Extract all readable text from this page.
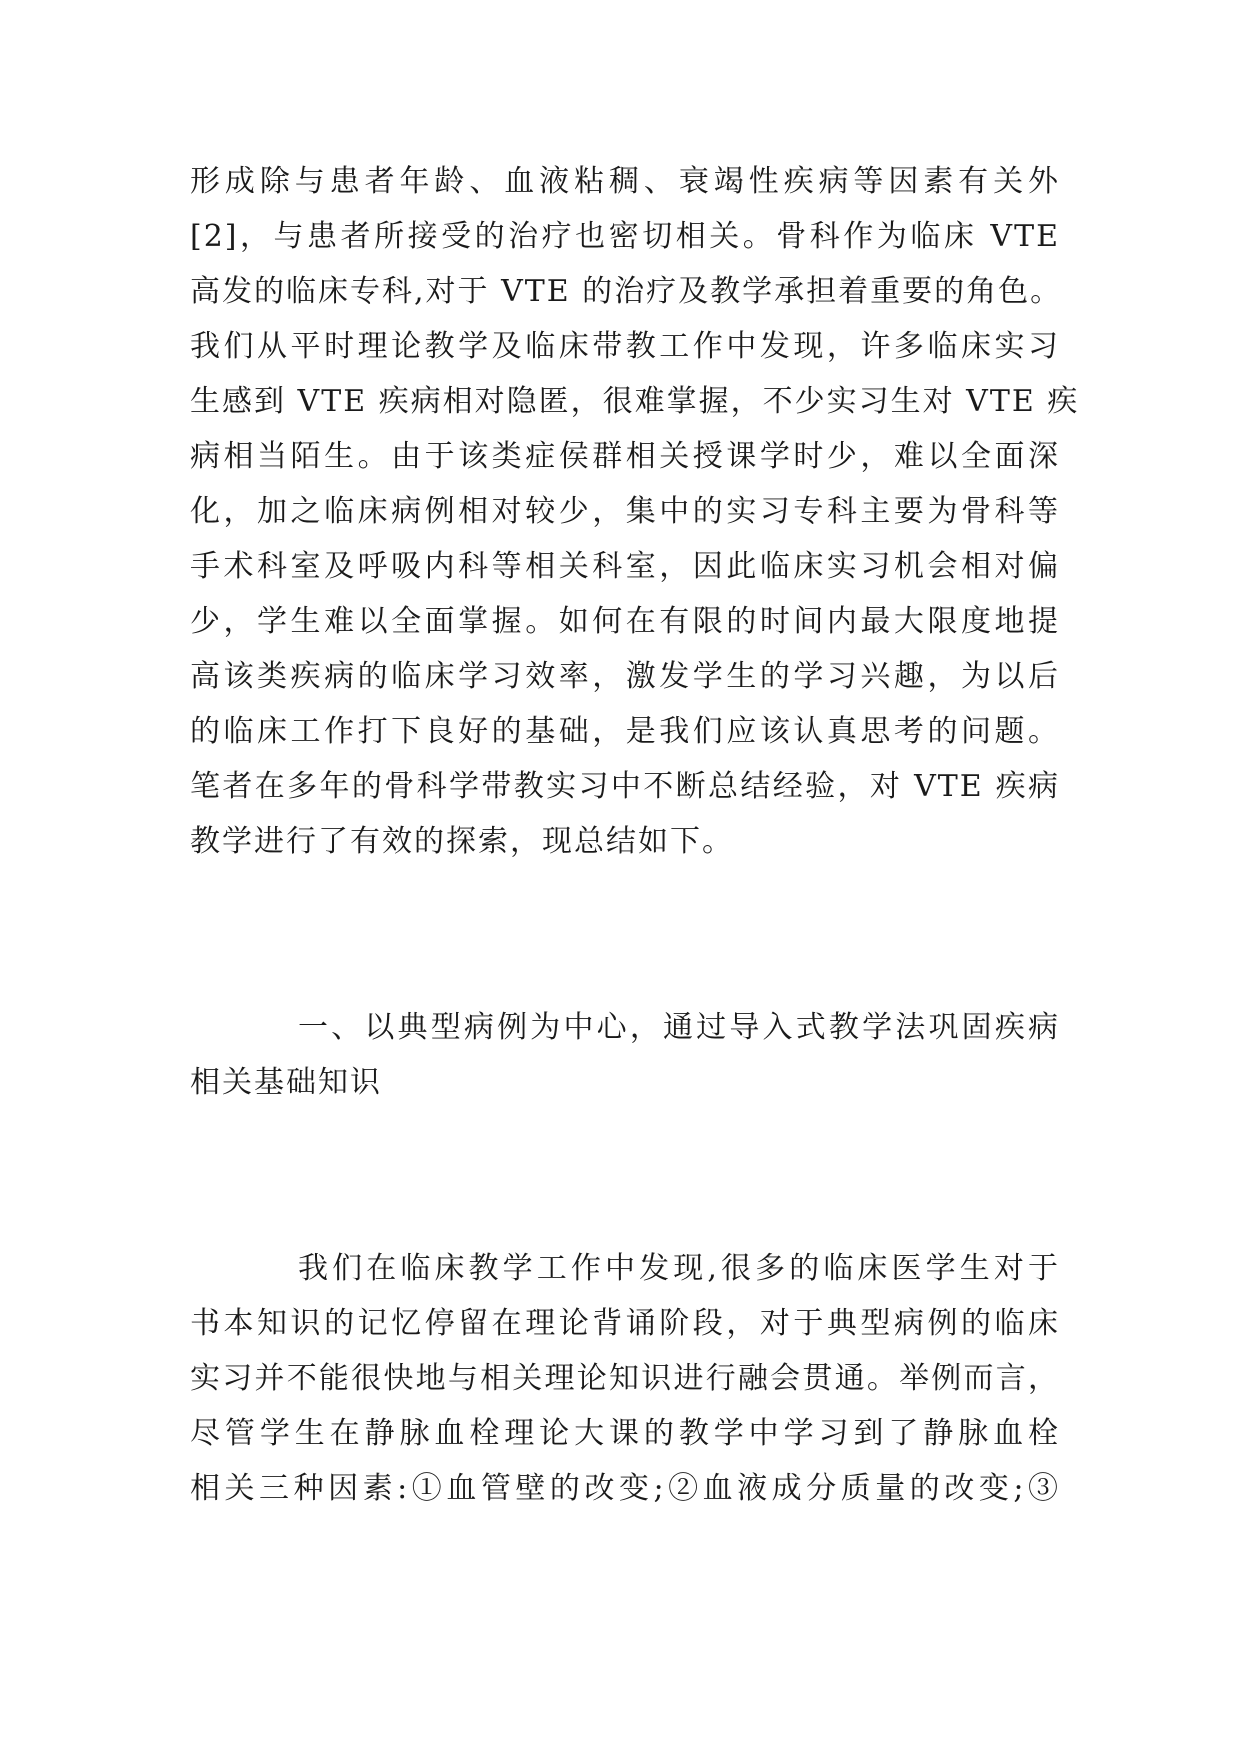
形成除与患者年龄、血液粘稠、衰竭性疾病等因素有关外
[2]，与患者所接受的治疗也密切相关。骨科作为临床 VTE
高发的临床专科,对于 VTE 的治疗及教学承担着重要的角色。
我们从平时理论教学及临床带教工作中发现，许多临床实习
生感到 VTE 疾病相对隐匿，很难掌握，不少实习生对 VTE 疾
病相当陌生。由于该类症侯群相关授课学时少，难以全面深
化，加之临床病例相对较少，集中的实习专科主要为骨科等
手术科室及呼吸内科等相关科室，因此临床实习机会相对偏
少，学生难以全面掌握。如何在有限的时间内最大限度地提
高该类疾病的临床学习效率，激发学生的学习兴趣，为以后
的临床工作打下良好的基础，是我们应该认真思考的问题。
笔者在多年的骨科学带教实习中不断总结经验，对 VTE 疾病
教学进行了有效的探索，现总结如下。
一、以典型病例为中心，通过导入式教学法巩固疾病
相关基础知识
我们在临床教学工作中发现,很多的临床医学生对于
书本知识的记忆停留在理论背诵阶段，对于典型病例的临床
实习并不能很快地与相关理论知识进行融会贯通。举例而言，
尽管学生在静脉血栓理论大课的教学中学习到了静脉血栓
相关三种因素:①血管壁的改变;②血液成分质量的改变;③
